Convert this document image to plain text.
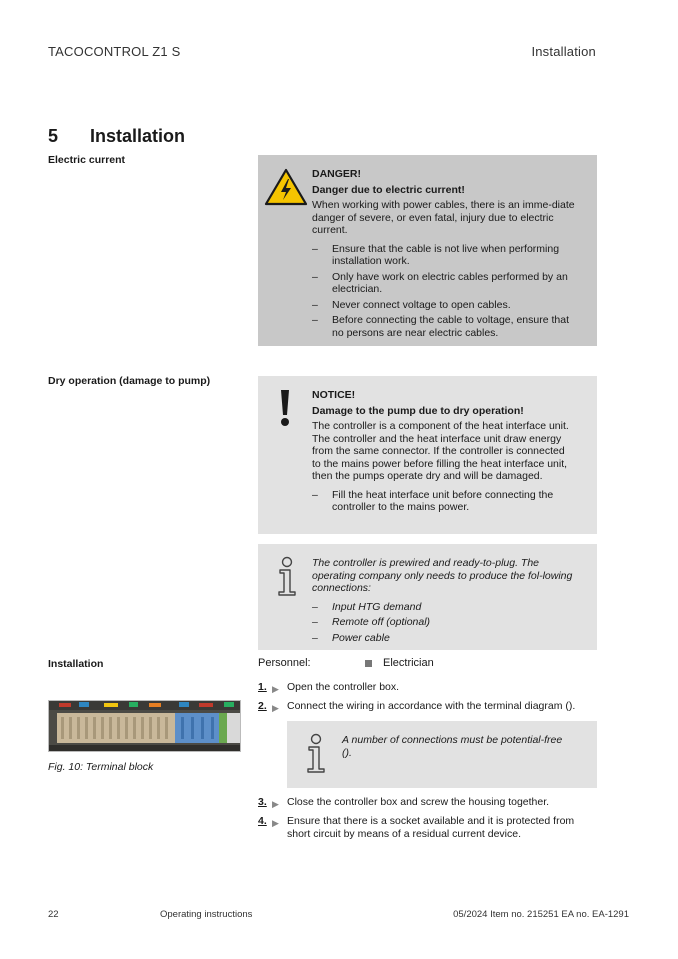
TACOCONTROL Z1 S	Installation
5 Installation
Electric current
Dry operation (damage to pump)
Installation

DANGER!

Danger due to electric current!

When working with power cables, there is an imme-diate danger of severe, or even fatal, injury due to electric current.

– Ensure that the cable is not live when performing installation work.
– Only have work on electric cables performed by an electrician.
– Never connect voltage to open cables.
– Before connecting the cable to voltage, ensure that no persons are near electric cables.

NOTICE!

Damage to the pump due to dry operation!

The controller is a component of the heat interface unit. The controller and the heat interface unit draw energy from the same connector. If the controller is connected to the mains power before filling the heat interface unit, then the pumps operate dry and will be damaged.

– Fill the heat interface unit before connecting the controller to the mains power.

The controller is prewired and ready-to-plug. The operating company only needs to produce the fol-lowing connections:

– Input HTG demand
– Remote off (optional)
– Power cable
Personnel:	Electrician
1. ▶ Open the controller box.
2. ▶ Connect the wiring in accordance with the terminal diagram ().

A number of connections must be potential-free ().

3. ▶ Close the controller box and screw the housing together.
4. ▶ Ensure that there is a socket available and it is protected from short circuit by means of a residual current device.
Fig. 10: Terminal block
22	Operating instructions	05/2024 Item no. 215251 EA no. EA-1291
